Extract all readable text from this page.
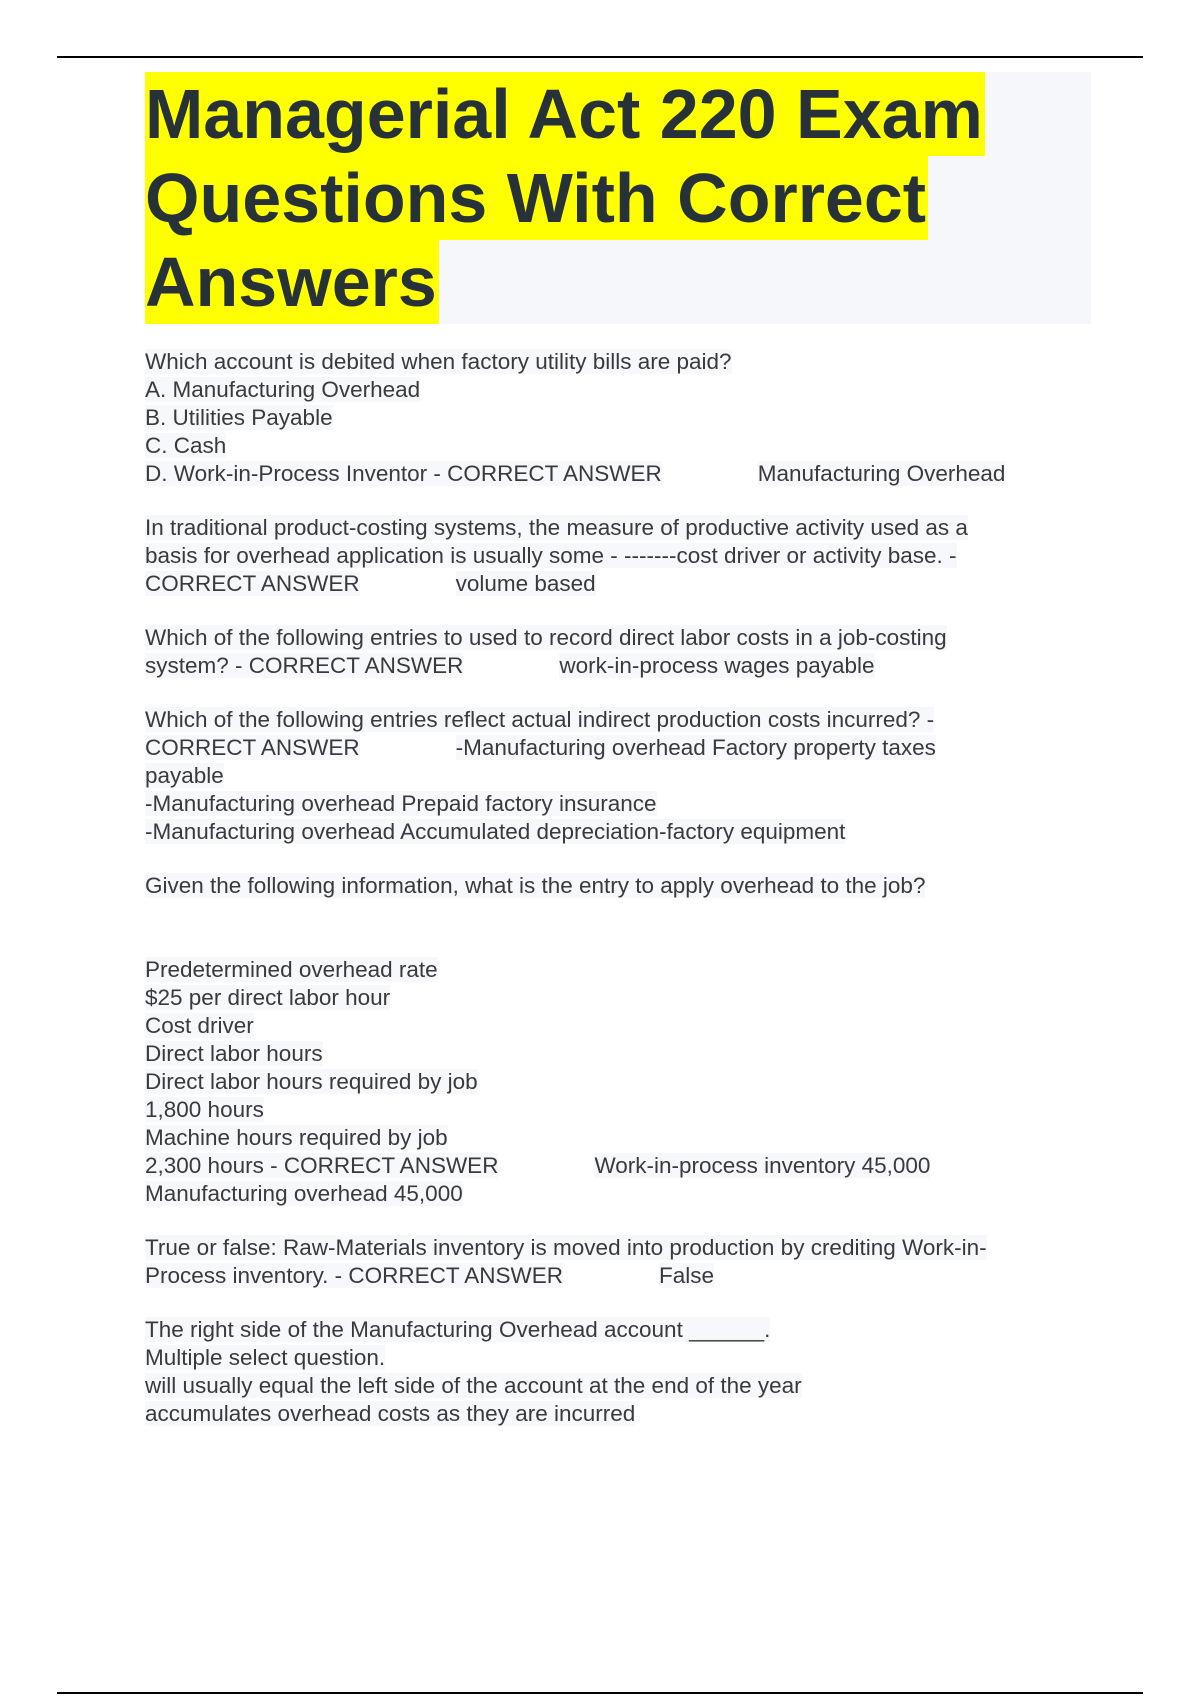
Managerial Act 220 Exam
Questions With Correct
Answers
Which account is debited when factory utility bills are paid?
A. Manufacturing Overhead
B. Utilities Payable
C. Cash
D. Work-in-Process Inventor - CORRECT ANSWER	Manufacturing Overhead
In traditional product-costing systems, the measure of productive activity used as a
basis for overhead application is usually some - -------cost driver or activity base. -
CORRECT ANSWER	volume based
Which of the following entries to used to record direct labor costs in a job-costing
system? - CORRECT ANSWER	work-in-process wages payable
Which of the following entries reflect actual indirect production costs incurred? -
CORRECT ANSWER	-Manufacturing overhead Factory property taxes
payable
-Manufacturing overhead Prepaid factory insurance
-Manufacturing overhead Accumulated depreciation-factory equipment
Given the following information, what is the entry to apply overhead to the job?
Predetermined overhead rate
$25 per direct labor hour
Cost driver
Direct labor hours
Direct labor hours required by job
1,800 hours
Machine hours required by job
2,300 hours - CORRECT ANSWER	Work-in-process inventory 45,000
Manufacturing overhead 45,000
True or false: Raw-Materials inventory is moved into production by crediting Work-in-
Process inventory. - CORRECT ANSWER	False
The right side of the Manufacturing Overhead account ______.
Multiple select question.
will usually equal the left side of the account at the end of the year
accumulates overhead costs as they are incurred
